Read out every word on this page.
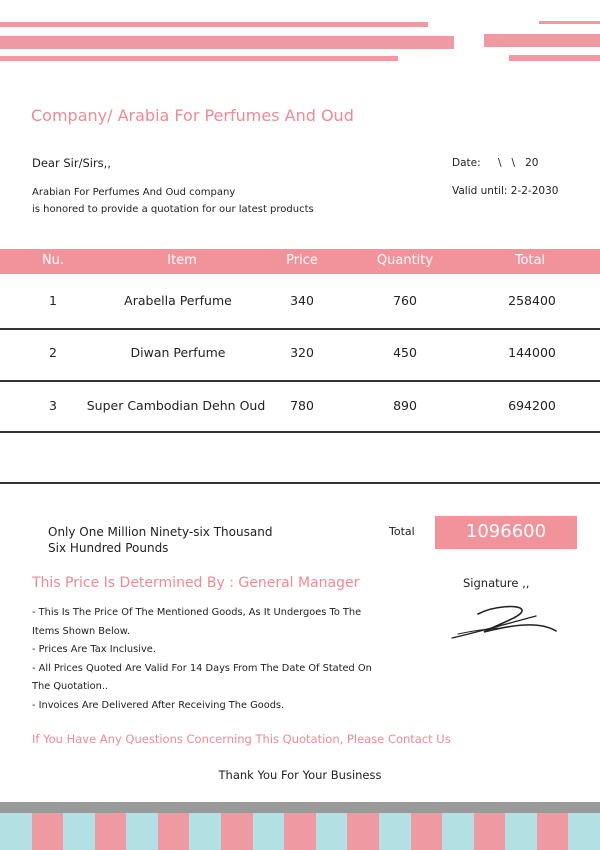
Company/ Arabia For Perfumes And Oud
Dear Sir/Sirs,,	Date: \   \   20
Arabian For Perfumes And Oud company
is honored to provide a quotation for our latest products
Valid until: 2-2-2030
Nu.	Item	Price	Quantity	Total
1	Arabella Perfume	340	760	258400
2	Diwan Perfume	320	450	144000
3 Super Cambodian Dehn Oud 780	890	694200
Only One Million Ninety-six Thousand
Six Hundred Pounds
Total	1096600
This Price Is Determined By : General Manager	Signature ,,
- This Is The Price Of The Mentioned Goods, As It Undergoes To The
Items Shown Below.
- Prices Are Tax Inclusive.
- All Prices Quoted Are Valid For 14 Days From The Date Of Stated On
The Quotation..
- Invoices Are Delivered After Receiving The Goods.
If You Have Any Questions Concerning This Quotation, Please Contact Us
Thank You For Your Business
